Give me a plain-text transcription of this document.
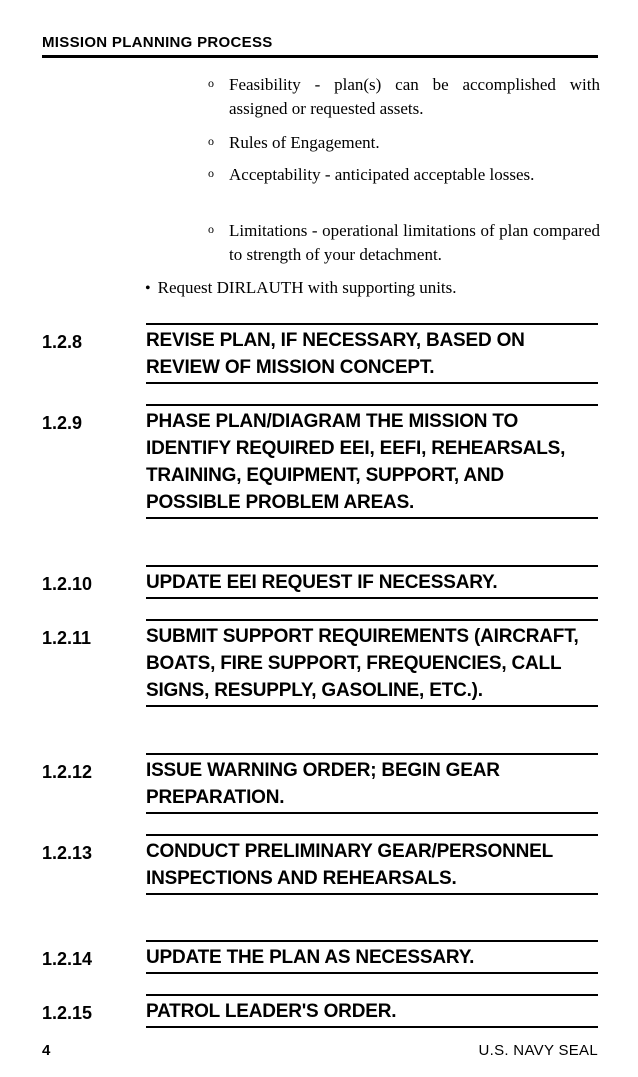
MISSION PLANNING PROCESS
o Feasibility - plan(s) can be accomplished with assigned or requested assets.
o Rules of Engagement.
o Acceptability - anticipated acceptable losses.
o Limitations - operational limitations of plan compared to strength of your detachment.
• Request DIRLAUTH with supporting units.
1.2.8	REVISE PLAN, IF NECESSARY, BASED ON REVIEW OF MISSION CONCEPT.
1.2.9	PHASE PLAN/DIAGRAM THE MISSION TO IDENTIFY REQUIRED EEI, EEFI, REHEARSALS, TRAINING, EQUIPMENT, SUPPORT, AND POSSIBLE PROBLEM AREAS.
1.2.10	UPDATE EEI REQUEST IF NECESSARY.
1.2.11	SUBMIT SUPPORT REQUIREMENTS (AIRCRAFT, BOATS, FIRE SUPPORT, FREQUENCIES, CALL SIGNS, RESUPPLY, GASOLINE, ETC.).
1.2.12	ISSUE WARNING ORDER; BEGIN GEAR PREPARATION.
1.2.13	CONDUCT PRELIMINARY GEAR/PERSONNEL INSPECTIONS AND REHEARSALS.
1.2.14	UPDATE THE PLAN AS NECESSARY.
1.2.15	PATROL LEADER'S ORDER.
4	U.S. NAVY SEAL
